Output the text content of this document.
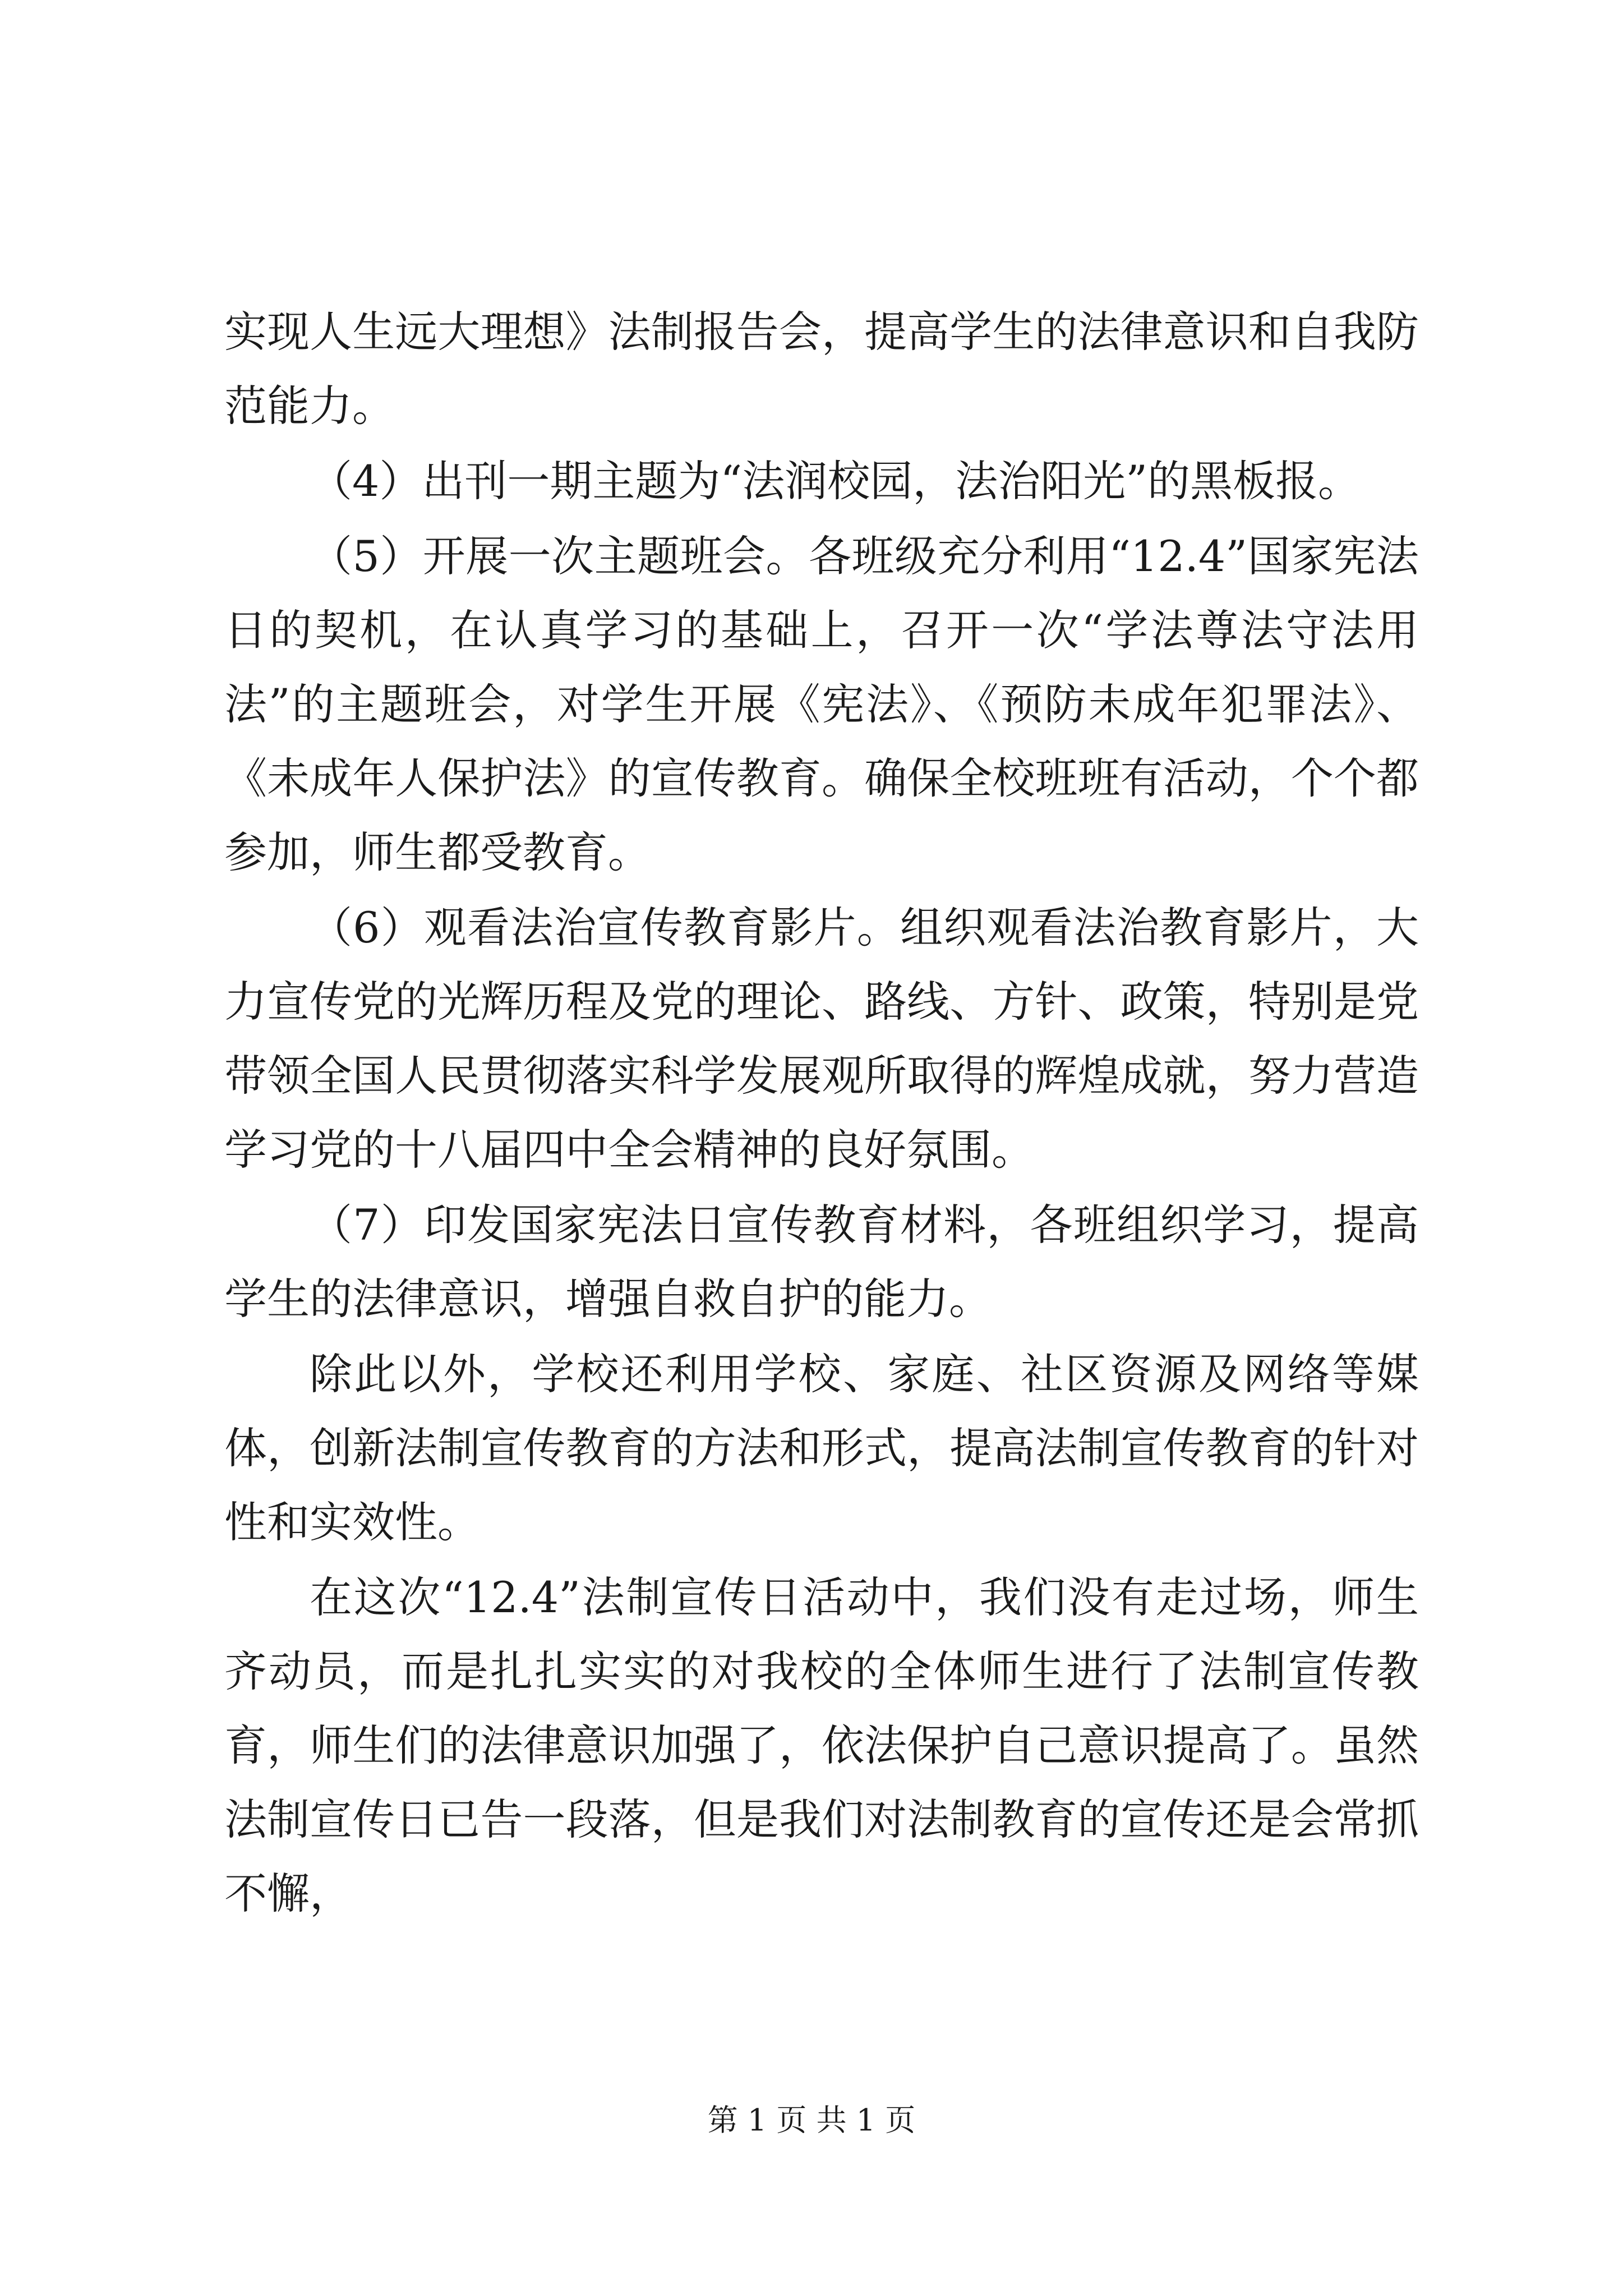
实现人生远大理想》法制报告会，提高学生的法律意识和自我防范能力。

（4）出刊一期主题为“法润校园，法治阳光”的黑板报。

（5）开展一次主题班会。各班级充分利用“12.4”国家宪法日的契机，在认真学习的基础上，召开一次“学法尊法守法用法”的主题班会，对学生开展《宪法》、《预防未成年犯罪法》、《未成年人保护法》的宣传教育。确保全校班班有活动，个个都参加，师生都受教育。

（6）观看法治宣传教育影片。组织观看法治教育影片，大力宣传党的光辉历程及党的理论、路线、方针、政策，特别是党带领全国人民贯彻落实科学发展观所取得的辉煌成就，努力营造学习党的十八届四中全会精神的良好氛围。

（7）印发国家宪法日宣传教育材料，各班组织学习，提高学生的法律意识，增强自救自护的能力。

除此以外，学校还利用学校、家庭、社区资源及网络等媒体，创新法制宣传教育的方法和形式，提高法制宣传教育的针对性和实效性。

在这次“12.4”法制宣传日活动中，我们没有走过场，师生齐动员，而是扎扎实实的对我校的全体师生进行了法制宣传教育，师生们的法律意识加强了，依法保护自己意识提高了。虽然法制宣传日已告一段落，但是我们对法制教育的宣传还是会常抓不懈，

第 1 页 共 1 页
